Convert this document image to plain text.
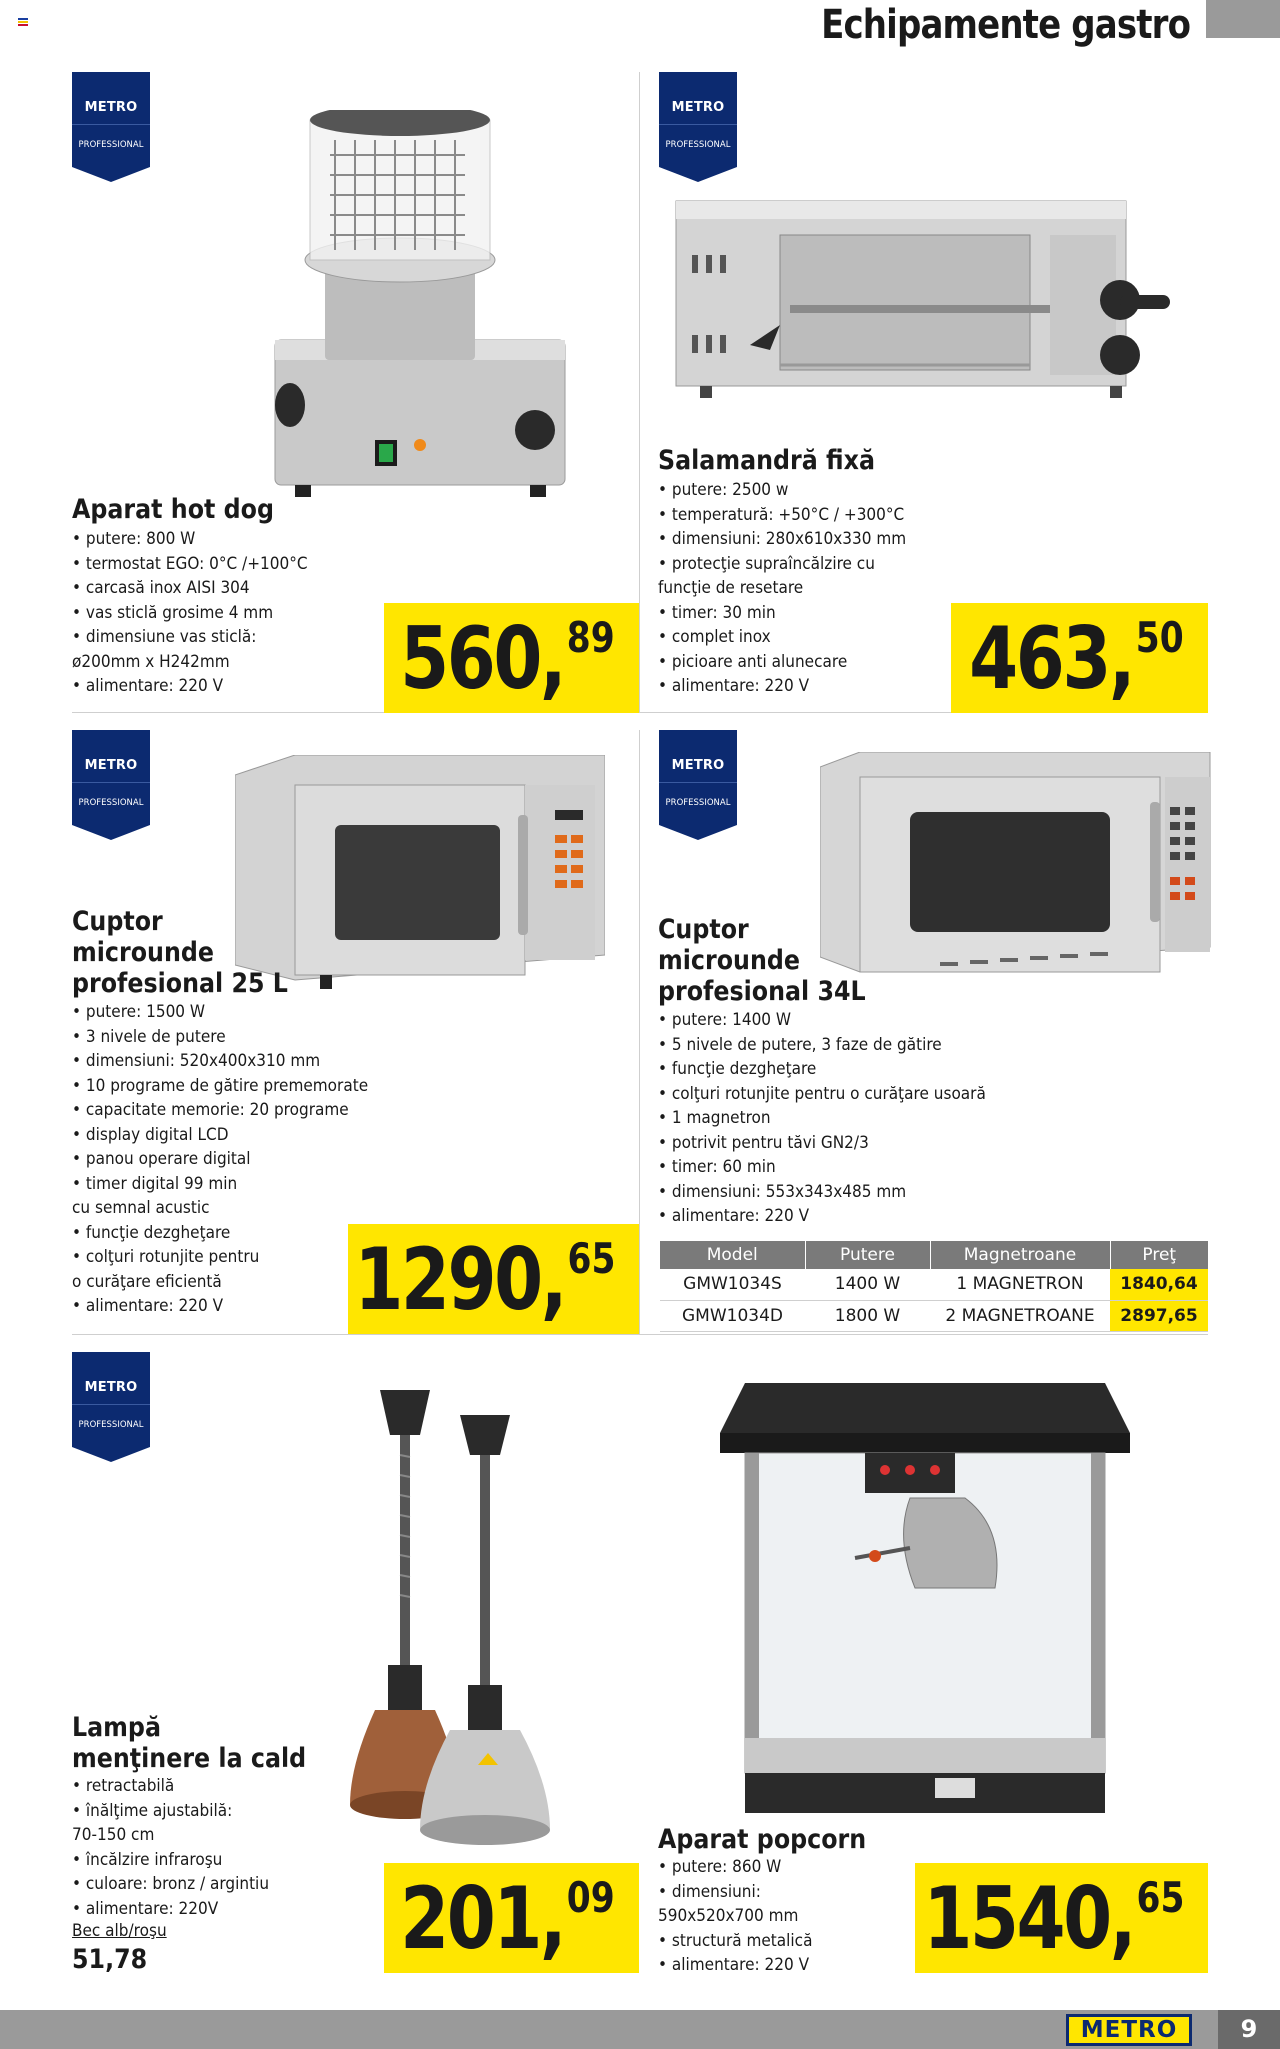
Echipamente gastro
METRO
PROFESSIONAL
Aparat hot dog
• putere: 800 W
• termostat EGO: 0°C /+100°C
• carcasă inox AISI 304
• vas sticlă grosime 4 mm
• dimensiune vas sticlă:
ø200mm x H242mm
• alimentare: 220 V	560,89
METRO
PROFESSIONAL
Salamandră fixă
• putere: 2500 w
• temperatură: +50°C / +300°C
• dimensiuni: 280x610x330 mm
• protecţie supraîncălzire cu
funcţie de resetare
• timer: 30 min
• complet inox
• picioare anti alunecare
• alimentare: 220 V	463,50
METRO
PROFESSIONAL
Cuptor
microunde
profesional 25 L
• putere: 1500 W
• 3 nivele de putere
• dimensiuni: 520x400x310 mm
• 10 programe de gătire prememorate
• capacitate memorie: 20 programe
• display digital LCD
• panou operare digital
• timer digital 99 min
cu semnal acustic
• funcţie dezgheţare
• colţuri rotunjite pentru
o curăţare eficientă
• alimentare: 220 V	1290,65
METRO
PROFESSIONAL
Cuptor
microunde
profesional 34L
• putere: 1400 W
• 5 nivele de putere, 3 faze de gătire
• funcţie dezgheţare
• colţuri rotunjite pentru o curăţare usoară
• 1 magnetron
• potrivit pentru tăvi GN2/3
• timer: 60 min
• dimensiuni: 553x343x485 mm
• alimentare: 220 V
Model	Putere	Magnetroane	Preţ
GMW1034S	1400 W	1 MAGNETRON	1840,64
GMW1034D	1800 W	2 MAGNETROANE	2897,65
METRO
PROFESSIONAL
Lampă
menţinere la cald
• retractabilă
• înălţime ajustabilă:
70-150 cm
• încălzire infraroşu
• culoare: bronz / argintiu
• alimentare: 220V
Bec alb/roşu
51,78	201,09
Aparat popcorn
• putere: 860 W
• dimensiuni:
590x520x700 mm
• structură metalică
• alimentare: 220 V 1540,65
METRO	9
